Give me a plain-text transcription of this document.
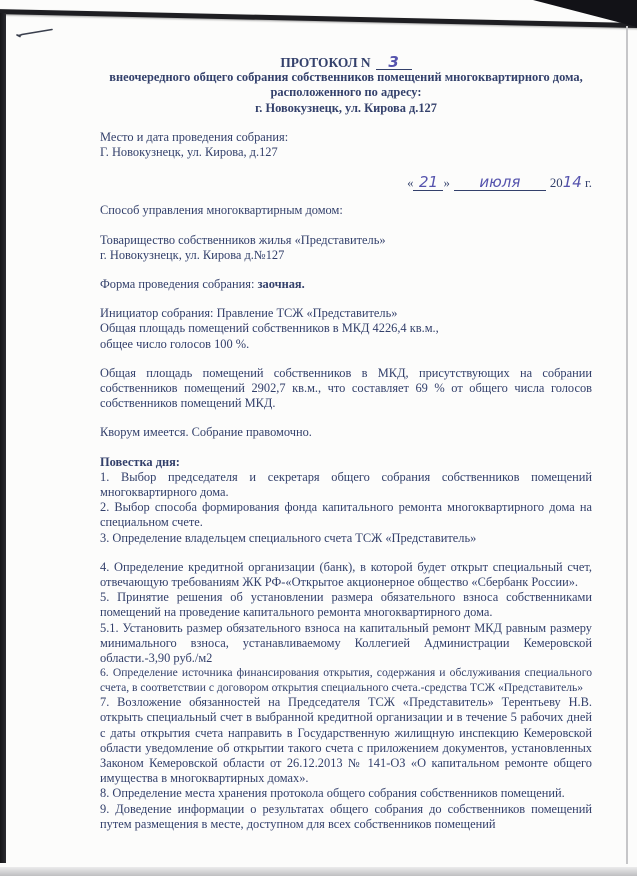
ПРОТОКОЛ N 3

внеочередного общего собрания собственников помещений многоквартирного дома,

расположенного по адресу:

г. Новокузнецк, ул. Кирова д.127

Место и дата проведения собрания:

Г. Новокузнецк, ул. Кирова, д.127

« 21 » июля 2014 г.

Способ управления многоквартирным домом:

Товарищество собственников жилья «Представитель»

г. Новокузнецк, ул. Кирова д.№127

Форма проведения собрания: заочная.

Инициатор собрания: Правление ТСЖ «Представитель»

Общая площадь помещений собственников в МКД 4226,4 кв.м.,

общее число голосов 100 %.

Общая площадь помещений собственников в МКД, присутствующих на собрании собственников помещений 2902,7 кв.м., что составляет 69 % от общего числа голосов собственников помещений МКД.

Кворум имеется. Собрание правомочно.

Повестка дня:

1. Выбор председателя и секретаря общего собрания собственников помещений многоквартирного дома.

2. Выбор способа формирования фонда капитального ремонта многоквартирного дома на специальном счете.

3. Определение владельцем специального счета ТСЖ «Представитель»

4. Определение кредитной организации (банк), в которой будет открыт специальный счет, отвечающую требованиям ЖК РФ-«Открытое акционерное общество «Сбербанк России».

5. Принятие решения об установлении размера обязательного взноса собственниками помещений на проведение капитального ремонта многоквартирного дома.

5.1. Установить размер обязательного взноса на капитальный ремонт МКД равным размеру минимального взноса, устанавливаемому Коллегией Администрации Кемеровской области.-3,90 руб./м2

6. Определение источника финансирования открытия, содержания и обслуживания специального счета, в соответствии с договором открытия специального счета.-средства ТСЖ «Представитель»

7. Возложение обязанностей на Председателя ТСЖ «Представитель» Терентьеву Н.В. открыть специальный счет в выбранной кредитной организации и в течение 5 рабочих дней с даты открытия счета направить в Государственную жилищную инспекцию Кемеровской области уведомление об открытии такого счета с приложением документов, установленных Законом Кемеровской области от 26.12.2013 № 141-ОЗ «О капитальном ремонте общего имущества в многоквартирных домах».

8. Определение места хранения протокола общего собрания собственников помещений.

9. Доведение информации о результатах общего собрания до собственников помещений путем размещения в месте, доступном для всех собственников помещений
